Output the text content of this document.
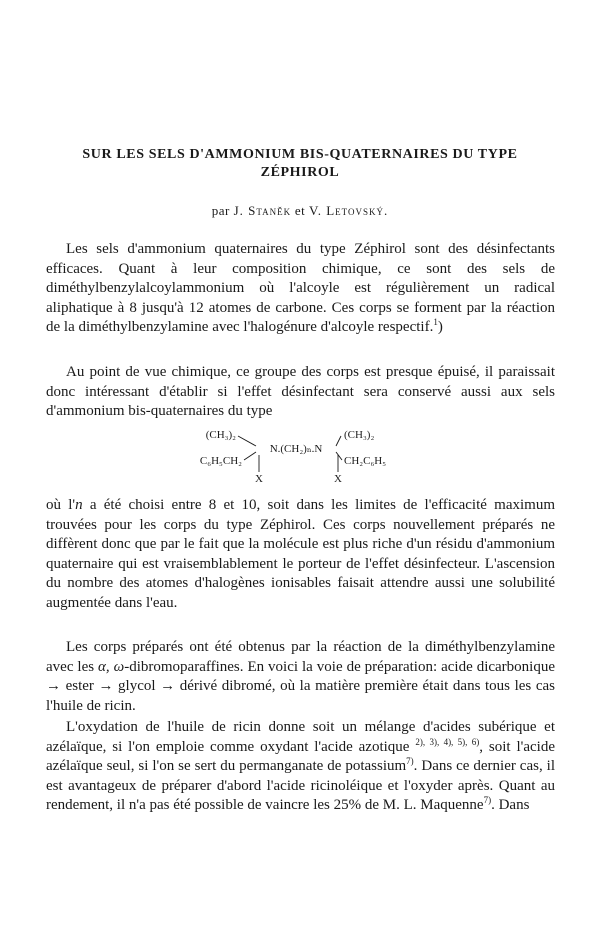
SUR LES SELS D'AMMONIUM BIS-QUATERNAIRES DU TYPE
ZÉPHIROL

par J. Staněk et V. Letovský.

Les sels d'ammonium quaternaires du type Zéphirol sont des désinfectants efficaces. Quant à leur composition chimique, ce sont des sels de diméthylbenzylalcoylammonium où l'alcoyle est régulièrement un radical aliphatique à 8 jusqu'à 12 atomes de carbone. Ces corps se forment par la réaction de la diméthylbenzylamine avec l'halogénure d'alcoyle respectif.$^1$)

Au point de vue chimique, ce groupe des corps est presque épuisé, il paraissait donc intéressant d'établir si l'effet désinfectant sera conservé aussi aux sels d'ammonium bis-quaternaires du type

(CH₃)₂
C₆H₅CH₂
N.(CH₂)ₙ.N
(CH₃)₂
CH₂C₆H₅
X	X

où l'n a été choisi entre 8 et 10, soit dans les limites de l'efficacité maximum trouvées pour les corps du type Zéphirol. Ces corps nouvellement préparés ne diffèrent donc que par le fait que la molécule est plus riche d'un résidu d'ammonium quaternaire qui est vraisemblablement le porteur de l'effet désinfecteur. L'ascension du nombre des atomes d'halogènes ionisables faisait attendre aussi une solubilité augmentée dans l'eau.

Les corps préparés ont été obtenus par la réaction de la diméthylbenzylamine avec les α, ω-dibromoparaffines. En voici la voie de préparation: acide dicarbonique → ester → glycol → dérivé dibromé, où la matière première était dans tous les cas l'huile de ricin.

L'oxydation de l'huile de ricin donne soit un mélange d'acides subérique et azélaïque, si l'on emploie comme oxydant l'acide azotique $^{2), 3), 4), 5), 6)}$, soit l'acide azélaïque seul, si l'on se sert du permanganate de potassium$^{7)}$. Dans ce dernier cas, il est avantageux de préparer d'abord l'acide ricinoléique et l'oxyder après. Quant au rendement, il n'a pas été possible de vaincre les 25% de M. L. Maquenne$^{7)}$. Dans
